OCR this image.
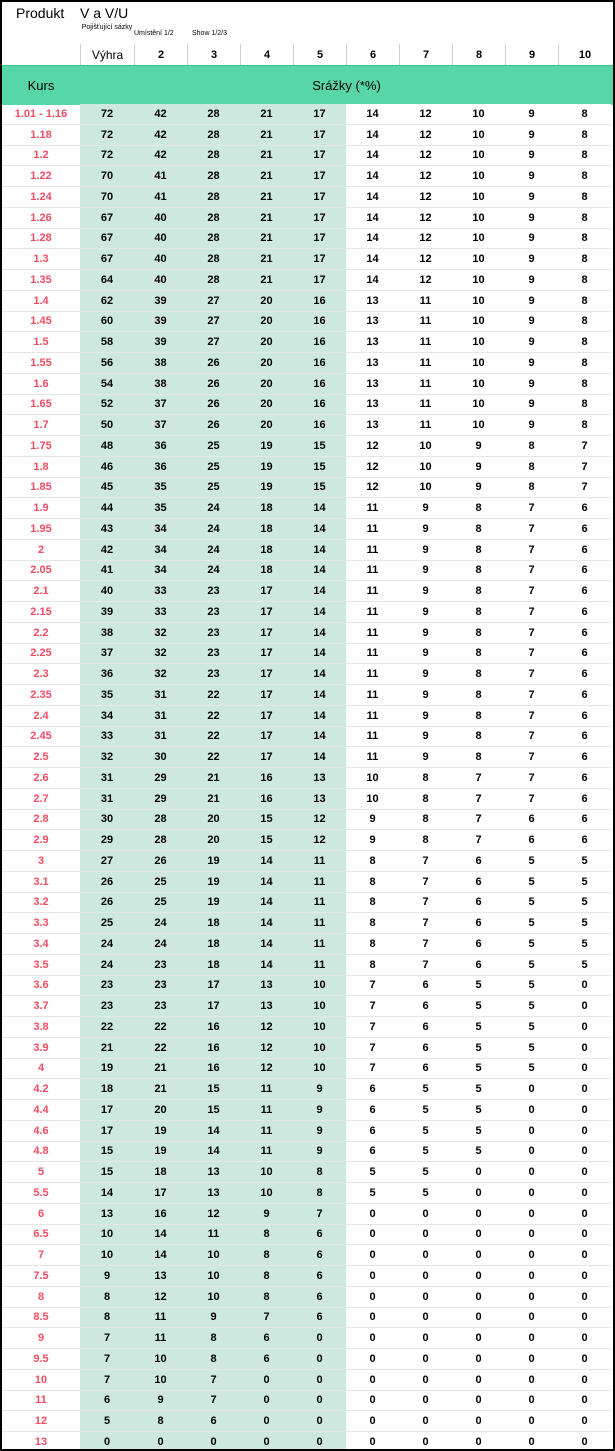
Produkt V a V/U
Pojišťující sázky
Umístění 1/2	Show 1/2/3
Výhra	2	3	4	5	6	7	8	9	10
Kurs	Srážky (*%)
1.01 - 1.16	72	42	28	21	17	14	12	10	9	8
1.18	72	42	28	21	17	14	12	10	9	8
1.2	72	42	28	21	17	14	12	10	9	8
1.22	70	41	28	21	17	14	12	10	9	8
1.24	70	41	28	21	17	14	12	10	9	8
1.26	67	40	28	21	17	14	12	10	9	8
1.28	67	40	28	21	17	14	12	10	9	8
1.3	67	40	28	21	17	14	12	10	9	8
1.35	64	40	28	21	17	14	12	10	9	8
1.4	62	39	27	20	16	13	11	10	9	8
1.45	60	39	27	20	16	13	11	10	9	8
1.5	58	39	27	20	16	13	11	10	9	8
1.55	56	38	26	20	16	13	11	10	9	8
1.6	54	38	26	20	16	13	11	10	9	8
1.65	52	37	26	20	16	13	11	10	9	8
1.7	50	37	26	20	16	13	11	10	9	8
1.75	48	36	25	19	15	12	10	9	8	7
1.8	46	36	25	19	15	12	10	9	8	7
1.85	45	35	25	19	15	12	10	9	8	7
1.9	44	35	24	18	14	11	9	8	7	6
1.95	43	34	24	18	14	11	9	8	7	6
2	42	34	24	18	14	11	9	8	7	6
2.05	41	34	24	18	14	11	9	8	7	6
2.1	40	33	23	17	14	11	9	8	7	6
2.15	39	33	23	17	14	11	9	8	7	6
2.2	38	32	23	17	14	11	9	8	7	6
2.25	37	32	23	17	14	11	9	8	7	6
2.3	36	32	23	17	14	11	9	8	7	6
2.35	35	31	22	17	14	11	9	8	7	6
2.4	34	31	22	17	14	11	9	8	7	6
2.45	33	31	22	17	14	11	9	8	7	6
2.5	32	30	22	17	14	11	9	8	7	6
2.6	31	29	21	16	13	10	8	7	7	6
2.7	31	29	21	16	13	10	8	7	7	6
2.8	30	28	20	15	12	9	8	7	6	6
2.9	29	28	20	15	12	9	8	7	6	6
3	27	26	19	14	11	8	7	6	5	5
3.1	26	25	19	14	11	8	7	6	5	5
3.2	26	25	19	14	11	8	7	6	5	5
3.3	25	24	18	14	11	8	7	6	5	5
3.4	24	24	18	14	11	8	7	6	5	5
3.5	24	23	18	14	11	8	7	6	5	5
3.6	23	23	17	13	10	7	6	5	5	0
3.7	23	23	17	13	10	7	6	5	5	0
3.8	22	22	16	12	10	7	6	5	5	0
3.9	21	22	16	12	10	7	6	5	5	0
4	19	21	16	12	10	7	6	5	5	0
4.2	18	21	15	11	9	6	5	5	0	0
4.4	17	20	15	11	9	6	5	5	0	0
4.6	17	19	14	11	9	6	5	5	0	0
4.8	15	19	14	11	9	6	5	5	0	0
5	15	18	13	10	8	5	5	0	0	0
5.5	14	17	13	10	8	5	5	0	0	0
6	13	16	12	9	7	0	0	0	0	0
6.5	10	14	11	8	6	0	0	0	0	0
7	10	14	10	8	6	0	0	0	0	0
7.5	9	13	10	8	6	0	0	0	0	0
8	8	12	10	8	6	0	0	0	0	0
8.5	8	11	9	7	6	0	0	0	0	0
9	7	11	8	6	0	0	0	0	0	0
9.5	7	10	8	6	0	0	0	0	0	0
10	7	10	7	0	0	0	0	0	0	0
11	6	9	7	0	0	0	0	0	0	0
12	5	8	6	0	0	0	0	0	0	0
13	0	0	0	0	0	0	0	0	0	0
